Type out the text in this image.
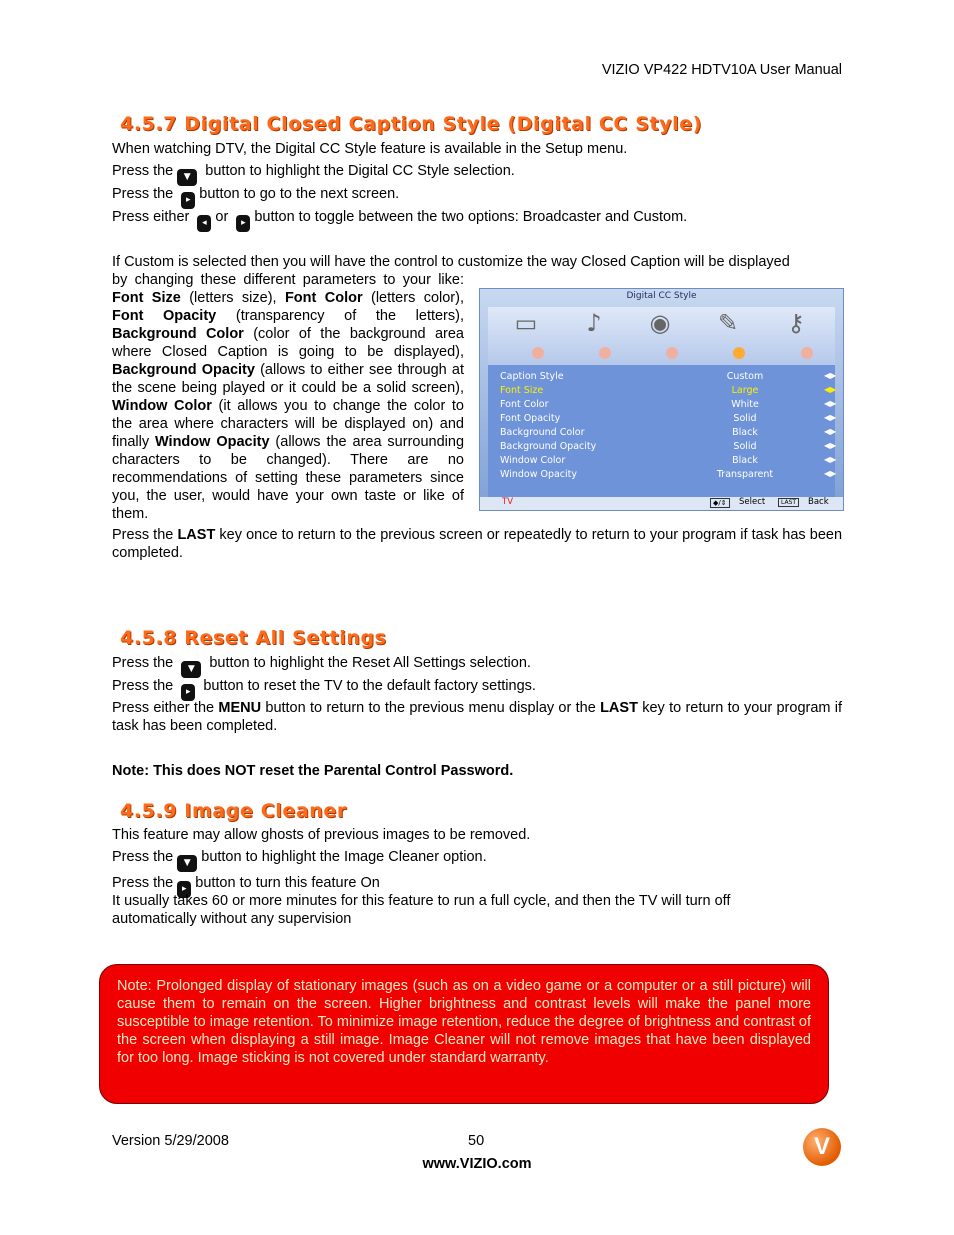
VIZIO VP422 HDTV10A User Manual
4.5.7 Digital Closed Caption Style (Digital CC Style)

When watching DTV, the Digital CC Style feature is available in the Setup menu.

Press the ▼ button to highlight the Digital CC Style selection.

Press the ▸ button to go to the next screen.

Press either ◂ or ▸ button to toggle between the two options: Broadcaster and Custom.

If Custom is selected then you will have the control to customize the way Closed Caption will be displayed

by changing these different parameters to your like: Font Size (letters size), Font Color (letters color), Font Opacity (transparency of the letters), Background Color (color of the background area where Closed Caption is going to be displayed), Background Opacity (allows to either see through at the scene being played or it could be a solid screen), Window Color (it allows you to change the color to the area where characters will be displayed on) and finally Window Opacity (allows the area surrounding characters to be changed). There are no recommendations of setting these parameters since you, the user, would have your own taste or like of them.

Digital CC Style
▭	♪	◉	✎	⚷
Caption Style	Custom	◀▶
Font Size	Large	◀▶
Font Color	White	◀▶
Font Opacity	Solid	◀▶
Background Color	Black	◀▶
Background Opacity	Solid	◀▶
Window Color	Black	◀▶
Window Opacity	Transparent	◀▶
TV	◆/⇕	Select	LAST	Back

Press the LAST key once to return to the previous screen or repeatedly to return to your program if task has been completed.

4.5.8 Reset All Settings

Press the ▼ button to highlight the Reset All Settings selection.

Press the ▸ button to reset the TV to the default factory settings.

Press either the MENU button to return to the previous menu display or the LAST key to return to your program if task has been completed.

Note: This does NOT reset the Parental Control Password.

4.5.9 Image Cleaner

This feature may allow ghosts of previous images to be removed.

Press the ▼ button to highlight the Image Cleaner option.

Press the ▸ button to turn this feature On

It usually takes 60 or more minutes for this feature to run a full cycle, and then the TV will turn off automatically without any supervision

Note: Prolonged display of stationary images (such as on a video game or a computer or a still picture) will cause them to remain on the screen. Higher brightness and contrast levels will make the panel more susceptible to image retention. To minimize image retention, reduce the degree of brightness and contrast of the screen when displaying a still image. Image Cleaner will not remove images that have been displayed for too long. Image sticking is not covered under standard warranty.

Version 5/29/2008	50
www.VIZIO.com
V
